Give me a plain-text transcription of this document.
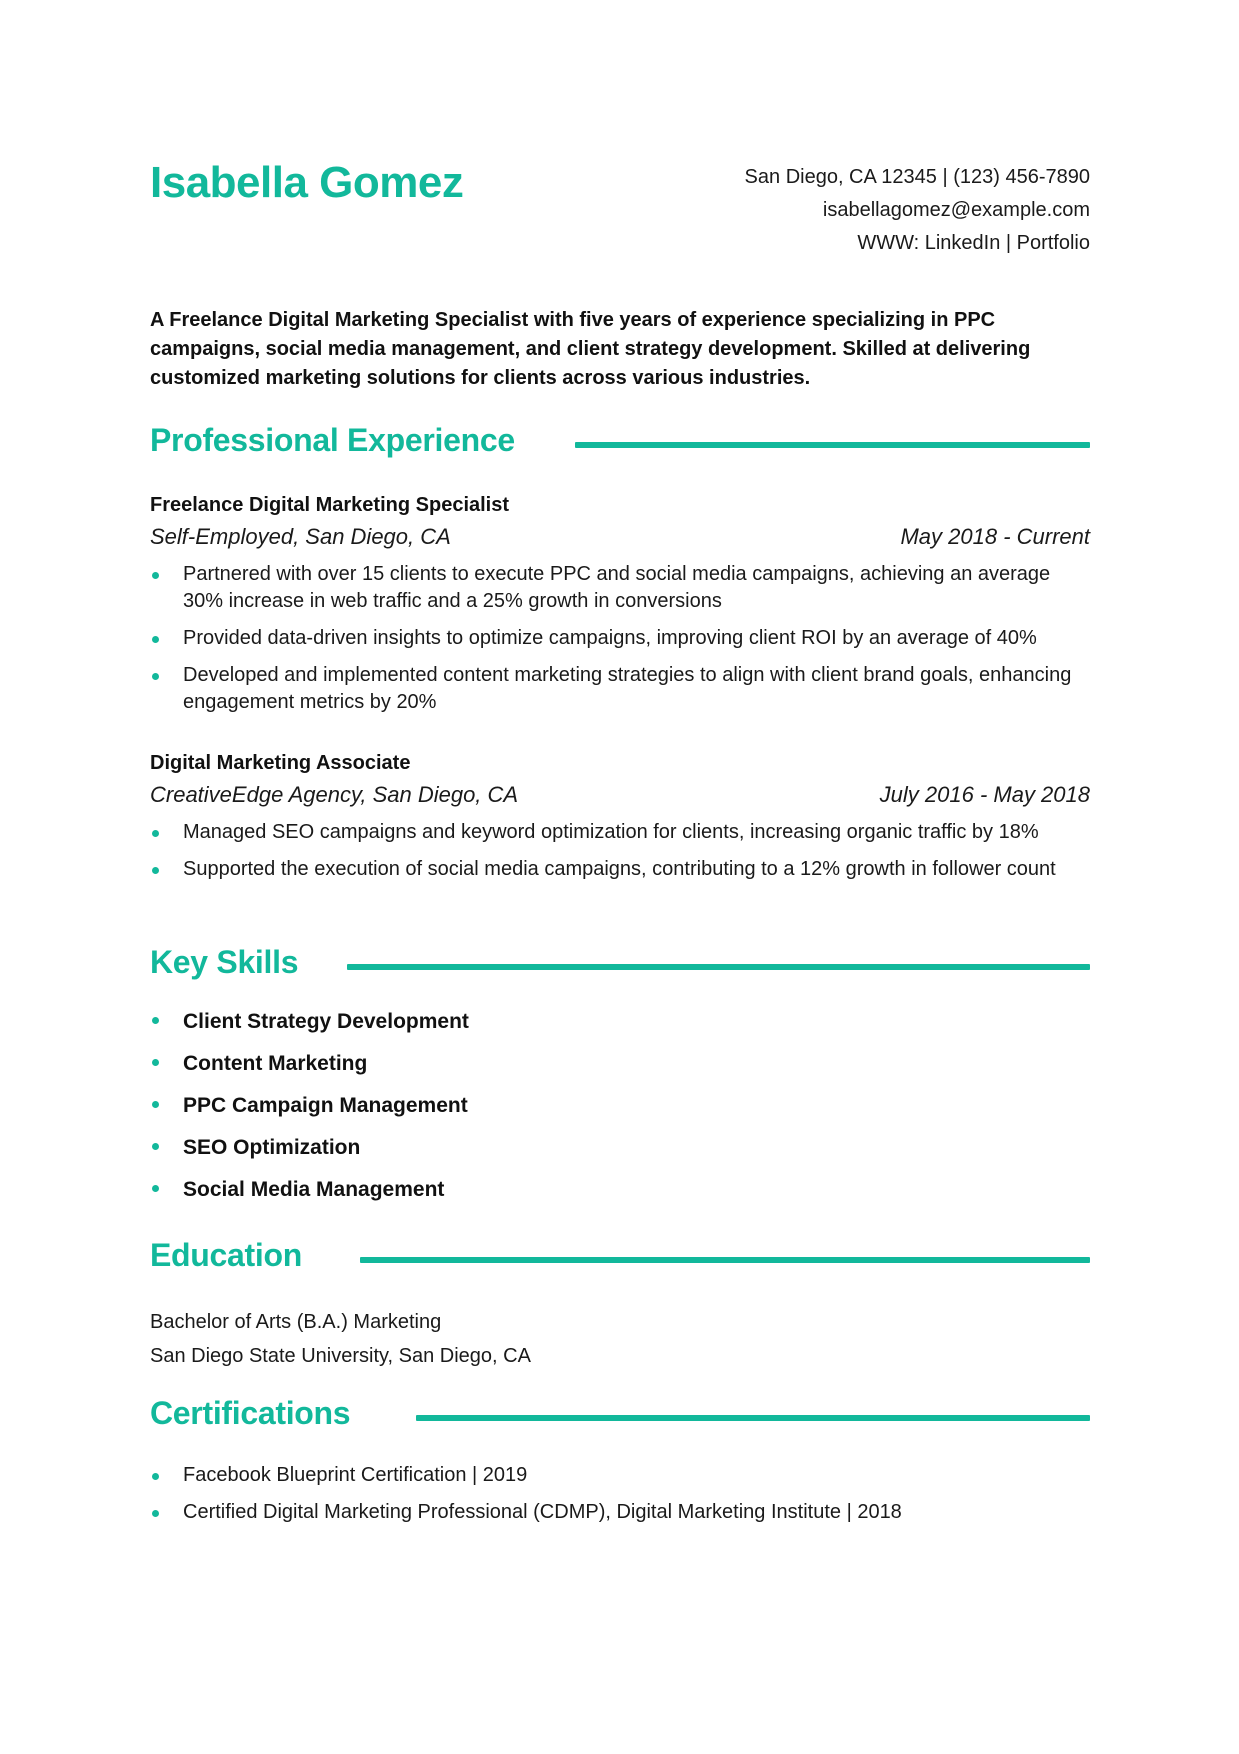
Isabella Gomez	San Diego, CA 12345 | (123) 456-7890
isabellagomez@example.com
WWW: LinkedIn | Portfolio

A Freelance Digital Marketing Specialist with five years of experience specializing in PPC campaigns, social media management, and client strategy development. Skilled at delivering customized marketing solutions for clients across various industries.

Professional Experience
Freelance Digital Marketing Specialist
Self-Employed, San Diego, CA	May 2018 - Current
Partnered with over 15 clients to execute PPC and social media campaigns, achieving an average 30% increase in web traffic and a 25% growth in conversions
Provided data-driven insights to optimize campaigns, improving client ROI by an average of 40%
Developed and implemented content marketing strategies to align with client brand goals, enhancing engagement metrics by 20%
Digital Marketing Associate
CreativeEdge Agency, San Diego, CA	July 2016 - May 2018
Managed SEO campaigns and keyword optimization for clients, increasing organic traffic by 18%
Supported the execution of social media campaigns, contributing to a 12% growth in follower count
Key Skills
Client Strategy Development
Content Marketing
PPC Campaign Management
SEO Optimization
Social Media Management
Education
Bachelor of Arts (B.A.) Marketing
San Diego State University, San Diego, CA
Certifications
Facebook Blueprint Certification | 2019
Certified Digital Marketing Professional (CDMP), Digital Marketing Institute | 2018
